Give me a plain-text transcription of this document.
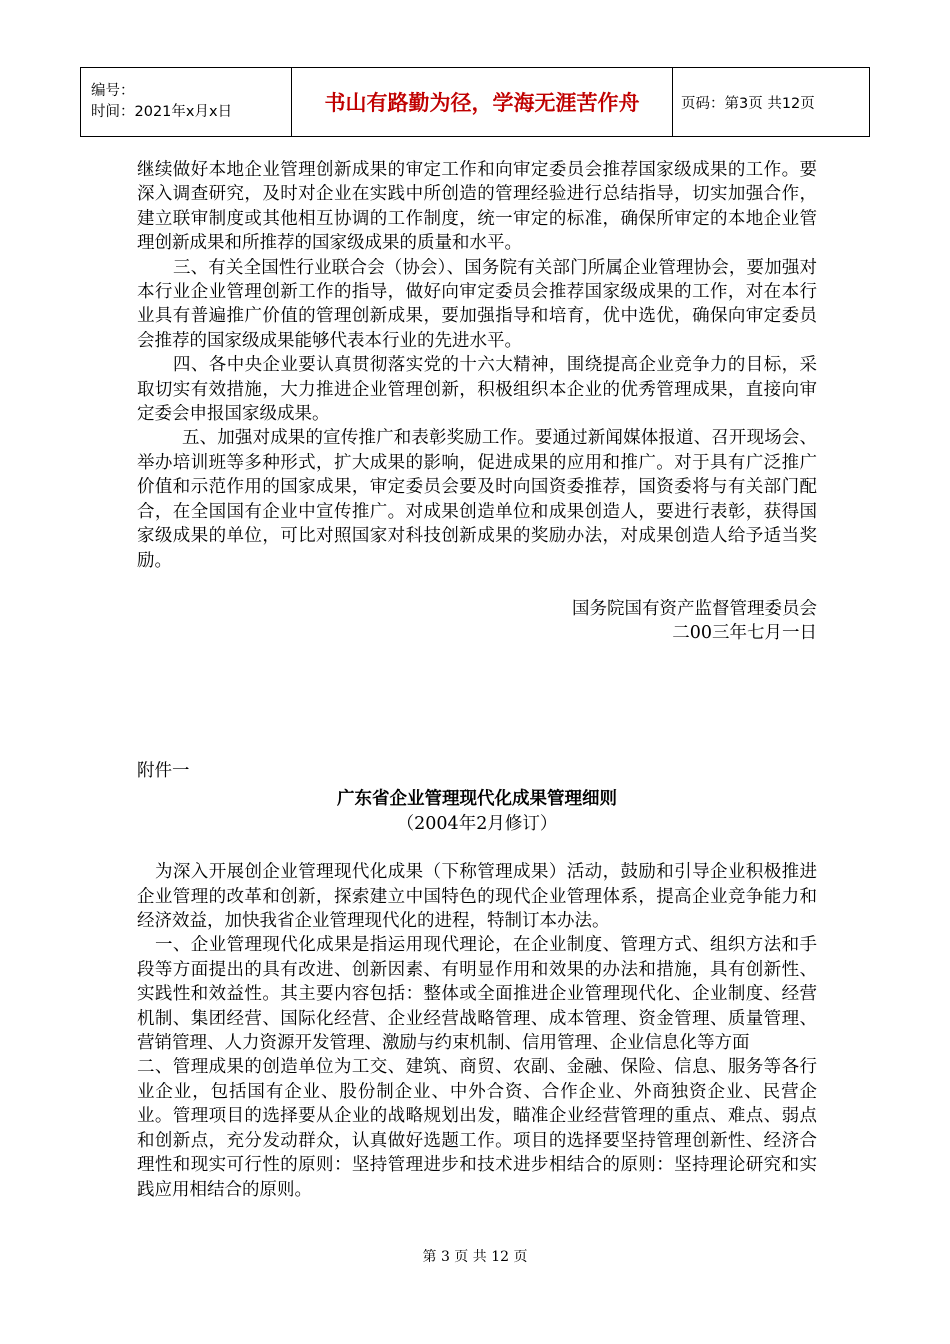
编号：
时间：2021年x月x日	书山有路勤为径，学海无涯苦作舟	页码：第3页 共12页

继续做好本地企业管理创新成果的审定工作和向审定委员会推荐国家级成果的工作。要深入调查研究，及时对企业在实践中所创造的管理经验进行总结指导，切实加强合作，建立联审制度或其他相互协调的工作制度，统一审定的标准，确保所审定的本地企业管理创新成果和所推荐的国家级成果的质量和水平。

三、有关全国性行业联合会（协会）、国务院有关部门所属企业管理协会，要加强对本行业企业管理创新工作的指导，做好向审定委员会推荐国家级成果的工作，对在本行业具有普遍推广价值的管理创新成果，要加强指导和培育，优中选优，确保向审定委员会推荐的国家级成果能够代表本行业的先进水平。

四、各中央企业要认真贯彻落实党的十六大精神，围绕提高企业竞争力的目标，采取切实有效措施，大力推进企业管理创新，积极组织本企业的优秀管理成果，直接向审定委会申报国家级成果。

五、加强对成果的宣传推广和表彰奖励工作。要通过新闻媒体报道、召开现场会、举办培训班等多种形式，扩大成果的影响，促进成果的应用和推广。对于具有广泛推广价值和示范作用的国家成果，审定委员会要及时向国资委推荐，国资委将与有关部门配合，在全国国有企业中宣传推广。对成果创造单位和成果创造人，要进行表彰，获得国家级成果的单位，可比对照国家对科技创新成果的奖励办法，对成果创造人给予适当奖励。

国务院国有资产监督管理委员会

二00三年七月一日

附件一

广东省企业管理现代化成果管理细则

（2004年2月修订）

为深入开展创企业管理现代化成果（下称管理成果）活动，鼓励和引导企业积极推进企业管理的改革和创新，探索建立中国特色的现代企业管理体系，提高企业竞争能力和经济效益，加快我省企业管理现代化的进程，特制订本办法。

一、企业管理现代化成果是指运用现代理论，在企业制度、管理方式、组织方法和手段等方面提出的具有改进、创新因素、有明显作用和效果的办法和措施，具有创新性、实践性和效益性。其主要内容包括：整体或全面推进企业管理现代化、企业制度、经营机制、集团经营、国际化经营、企业经营战略管理、成本管理、资金管理、质量管理、营销管理、人力资源开发管理、激励与约束机制、信用管理、企业信息化等方面

二、管理成果的创造单位为工交、建筑、商贸、农副、金融、保险、信息、服务等各行业企业，包括国有企业、股份制企业、中外合资、合作企业、外商独资企业、民营企业。管理项目的选择要从企业的战略规划出发，瞄准企业经营管理的重点、难点、弱点和创新点，充分发动群众，认真做好选题工作。项目的选择要坚持管理创新性、经济合理性和现实可行性的原则：坚持管理进步和技术进步相结合的原则：坚持理论研究和实践应用相结合的原则。

第 3 页 共 12 页
